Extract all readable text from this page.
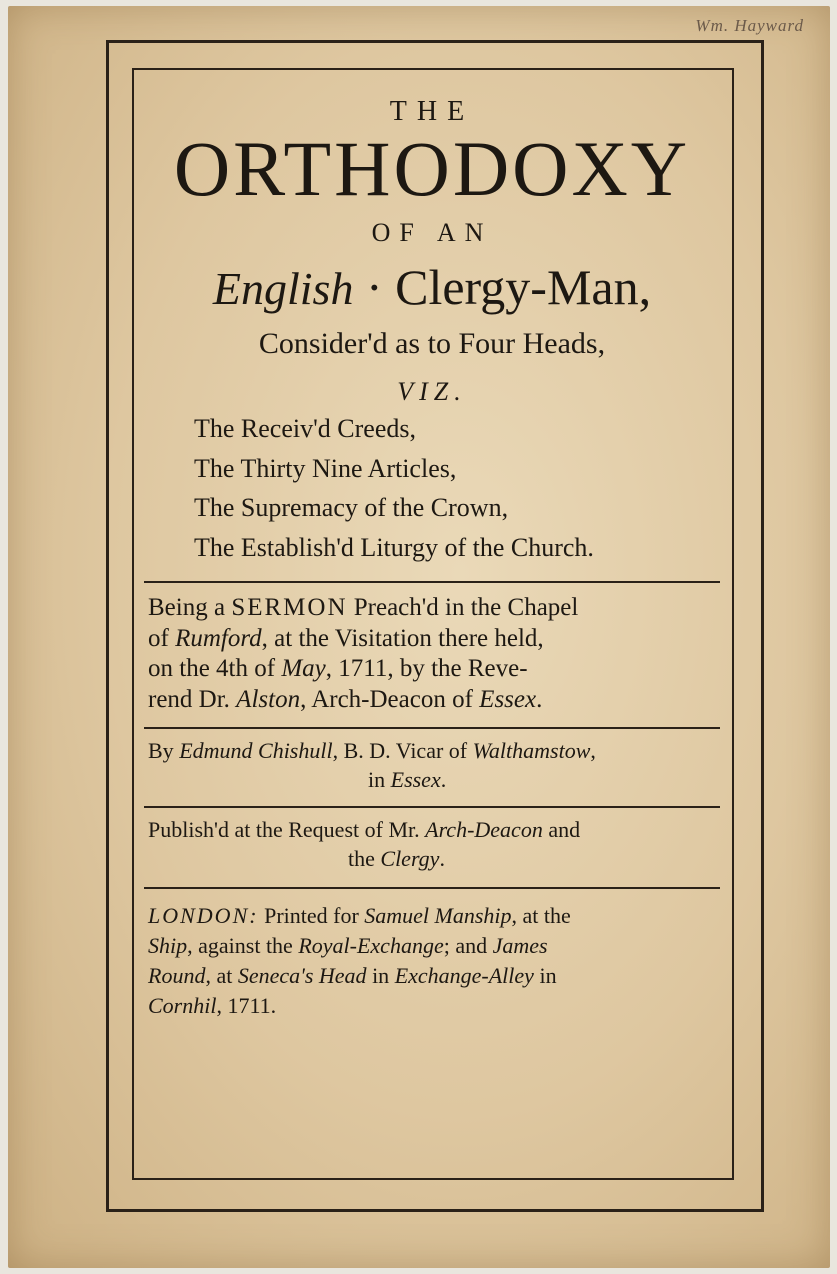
Wm. Hayward
THE
ORTHODOXY
OF AN
English · Clergy-Man,
Consider'd as to Four Heads,
VIZ.
The Receiv'd Creeds,
The Thirty Nine Articles,
The Supremacy of the Crown,
The Establish'd Liturgy of the Church.
Being a SERMON Preach'd in the Chapel
of Rumford, at the Visitation there held,
on the 4th of May, 1711, by the Reve-
rend Dr. Alston, Arch-Deacon of Essex.
By Edmund Chishull, B. D. Vicar of Walthamstow,
in Essex.
Publish'd at the Request of Mr. Arch-Deacon and
the Clergy.
LONDON: Printed for Samuel Manship, at the
Ship, against the Royal-Exchange; and James
Round, at Seneca's Head in Exchange-Alley in
Cornhil, 1711.
